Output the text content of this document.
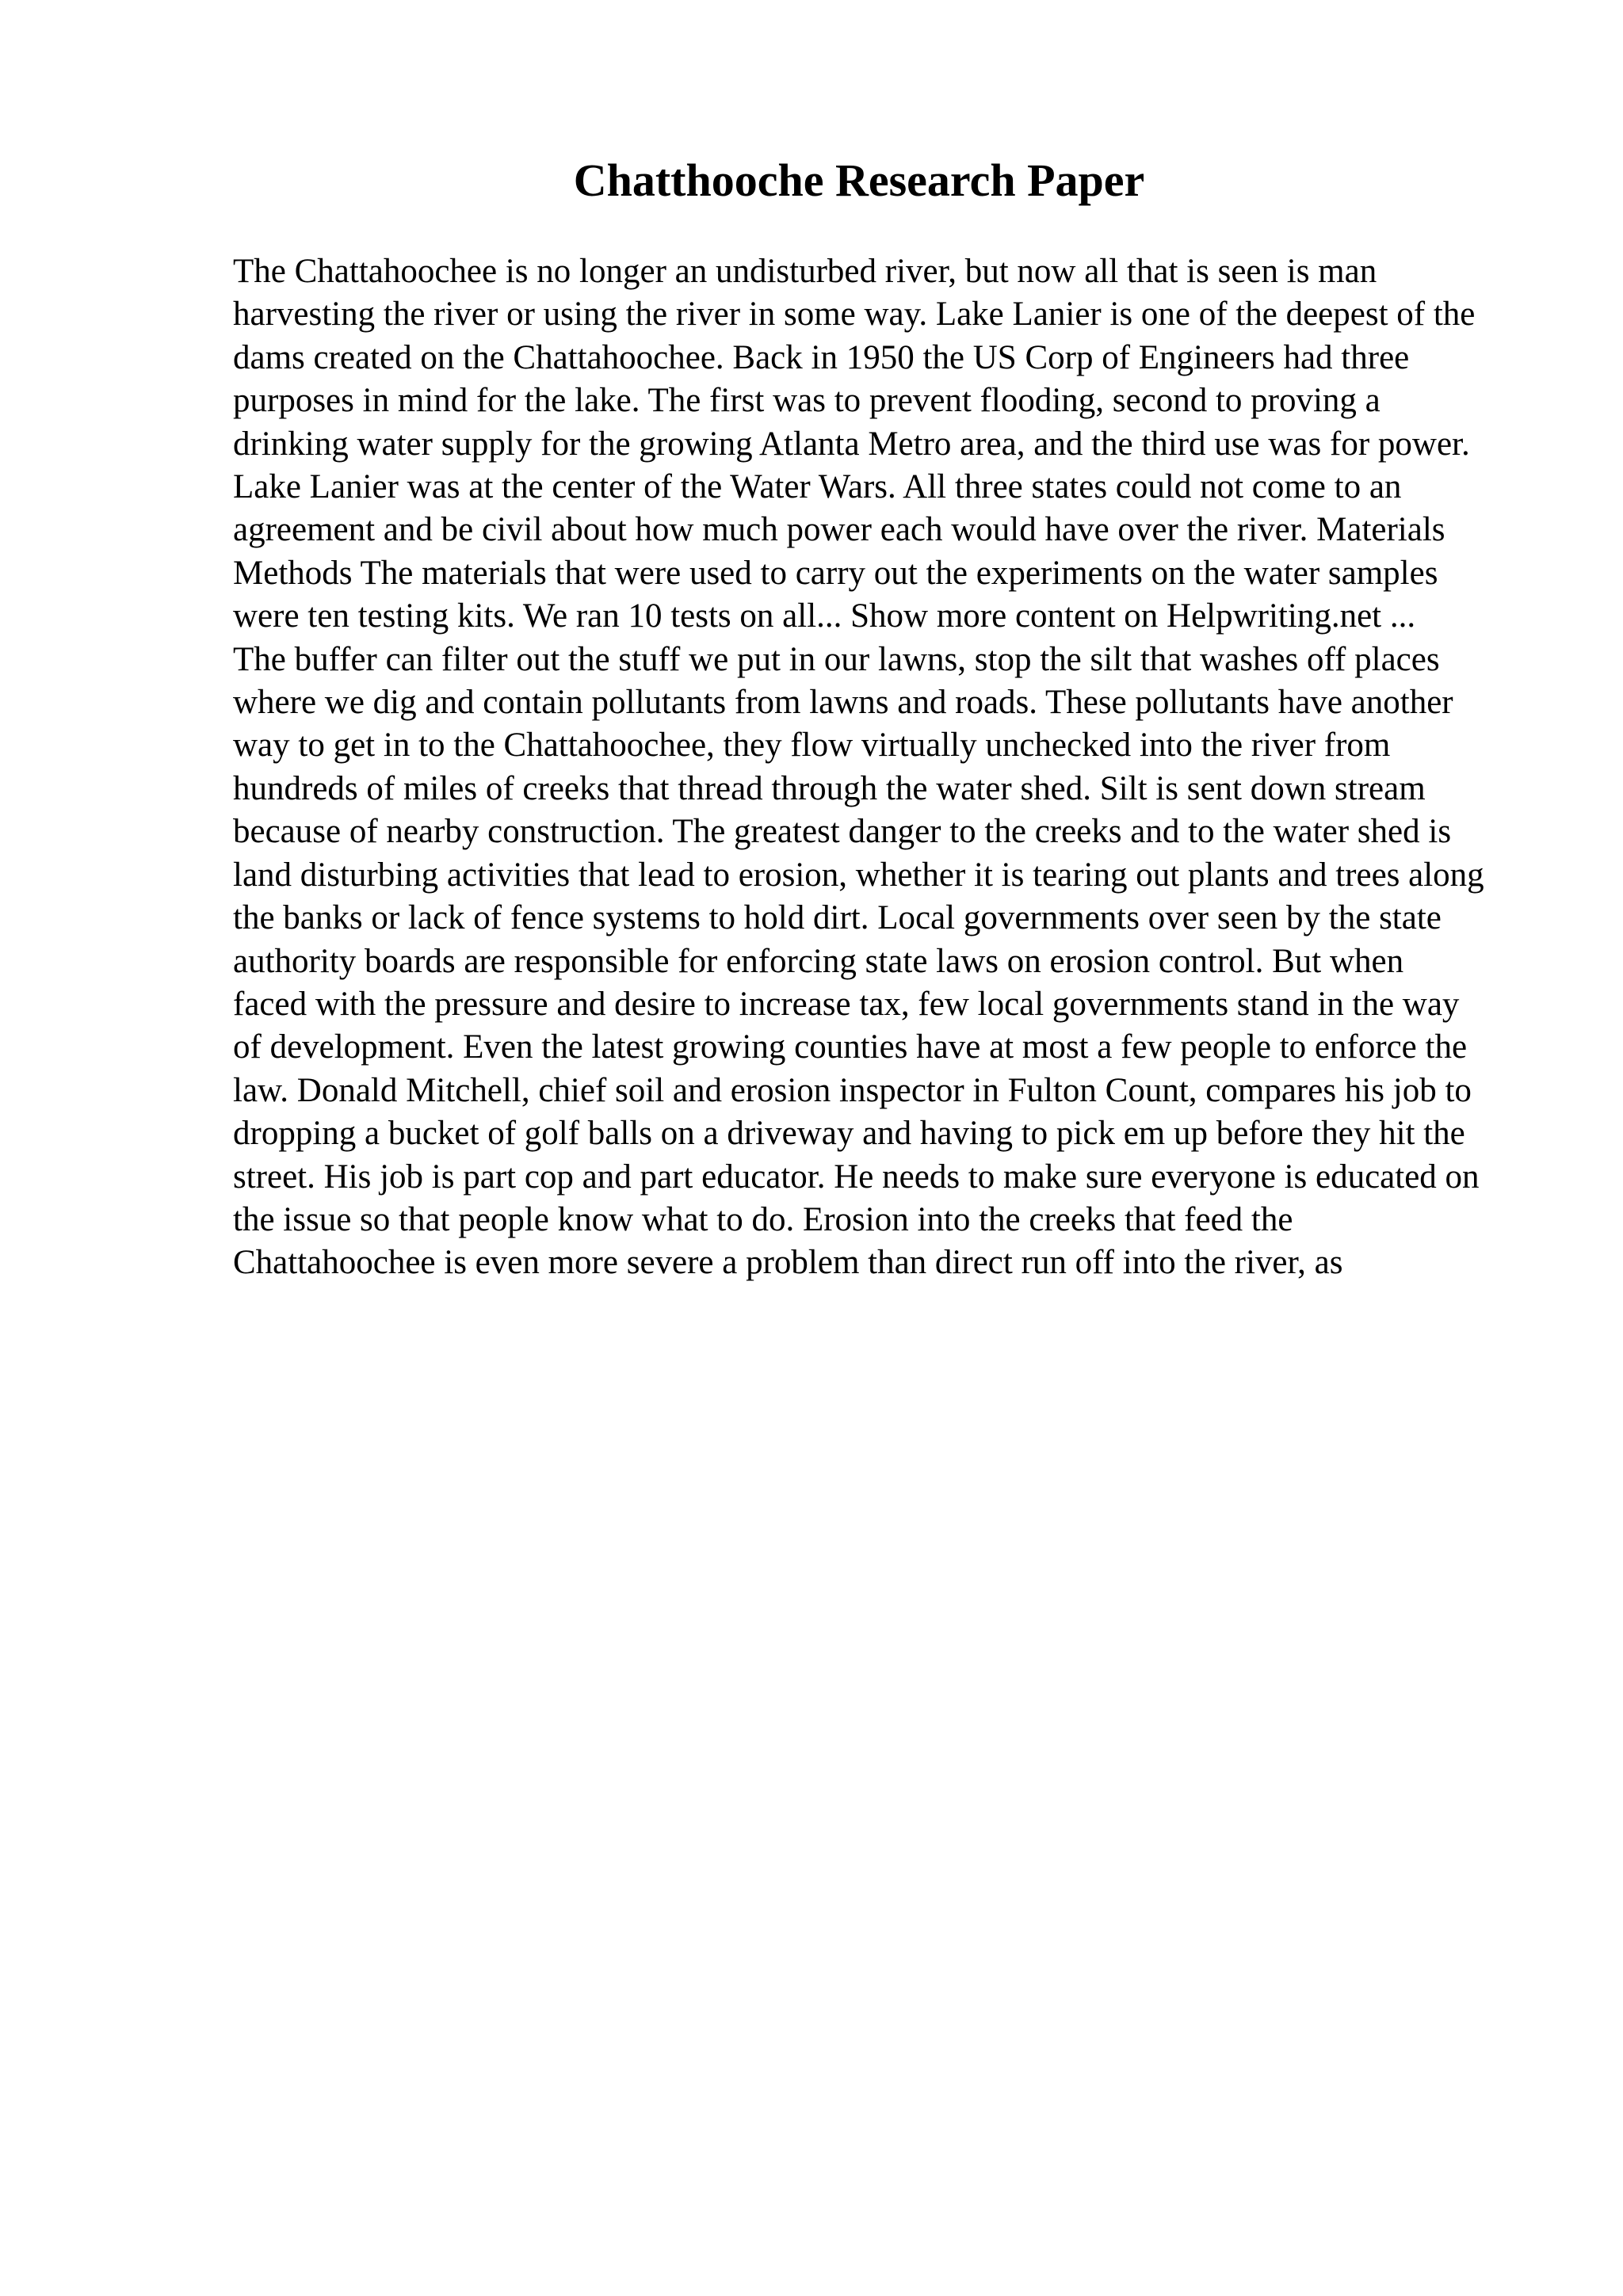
Chatthooche Research Paper

The Chattahoochee is no longer an undisturbed river, but now all that is seen is man harvesting the river or using the river in some way. Lake Lanier is one of the deepest of the dams created on the Chattahoochee. Back in 1950 the US Corp of Engineers had three purposes in mind for the lake. The first was to prevent flooding, second to proving a drinking water supply for the growing Atlanta Metro area, and the third use was for power. Lake Lanier was at the center of the Water Wars. All three states could not come to an agreement and be civil about how much power each would have over the river. Materials Methods The materials that were used to carry out the experiments on the water samples were ten testing kits. We ran 10 tests on all... Show more content on Helpwriting.net ...

The buffer can filter out the stuff we put in our lawns, stop the silt that washes off places where we dig and contain pollutants from lawns and roads. These pollutants have another way to get in to the Chattahoochee, they flow virtually unchecked into the river from hundreds of miles of creeks that thread through the water shed. Silt is sent down stream because of nearby construction. The greatest danger to the creeks and to the water shed is land disturbing activities that lead to erosion, whether it is tearing out plants and trees along the banks or lack of fence systems to hold dirt. Local governments over seen by the state authority boards are responsible for enforcing state laws on erosion control. But when faced with the pressure and desire to increase tax, few local governments stand in the way of development. Even the latest growing counties have at most a few people to enforce the law. Donald Mitchell, chief soil and erosion inspector in Fulton Count, compares his job to dropping a bucket of golf balls on a driveway and having to pick em up before they hit the street. His job is part cop and part educator. He needs to make sure everyone is educated on the issue so that people know what to do. Erosion into the creeks that feed the Chattahoochee is even more severe a problem than direct run off into the river, as
